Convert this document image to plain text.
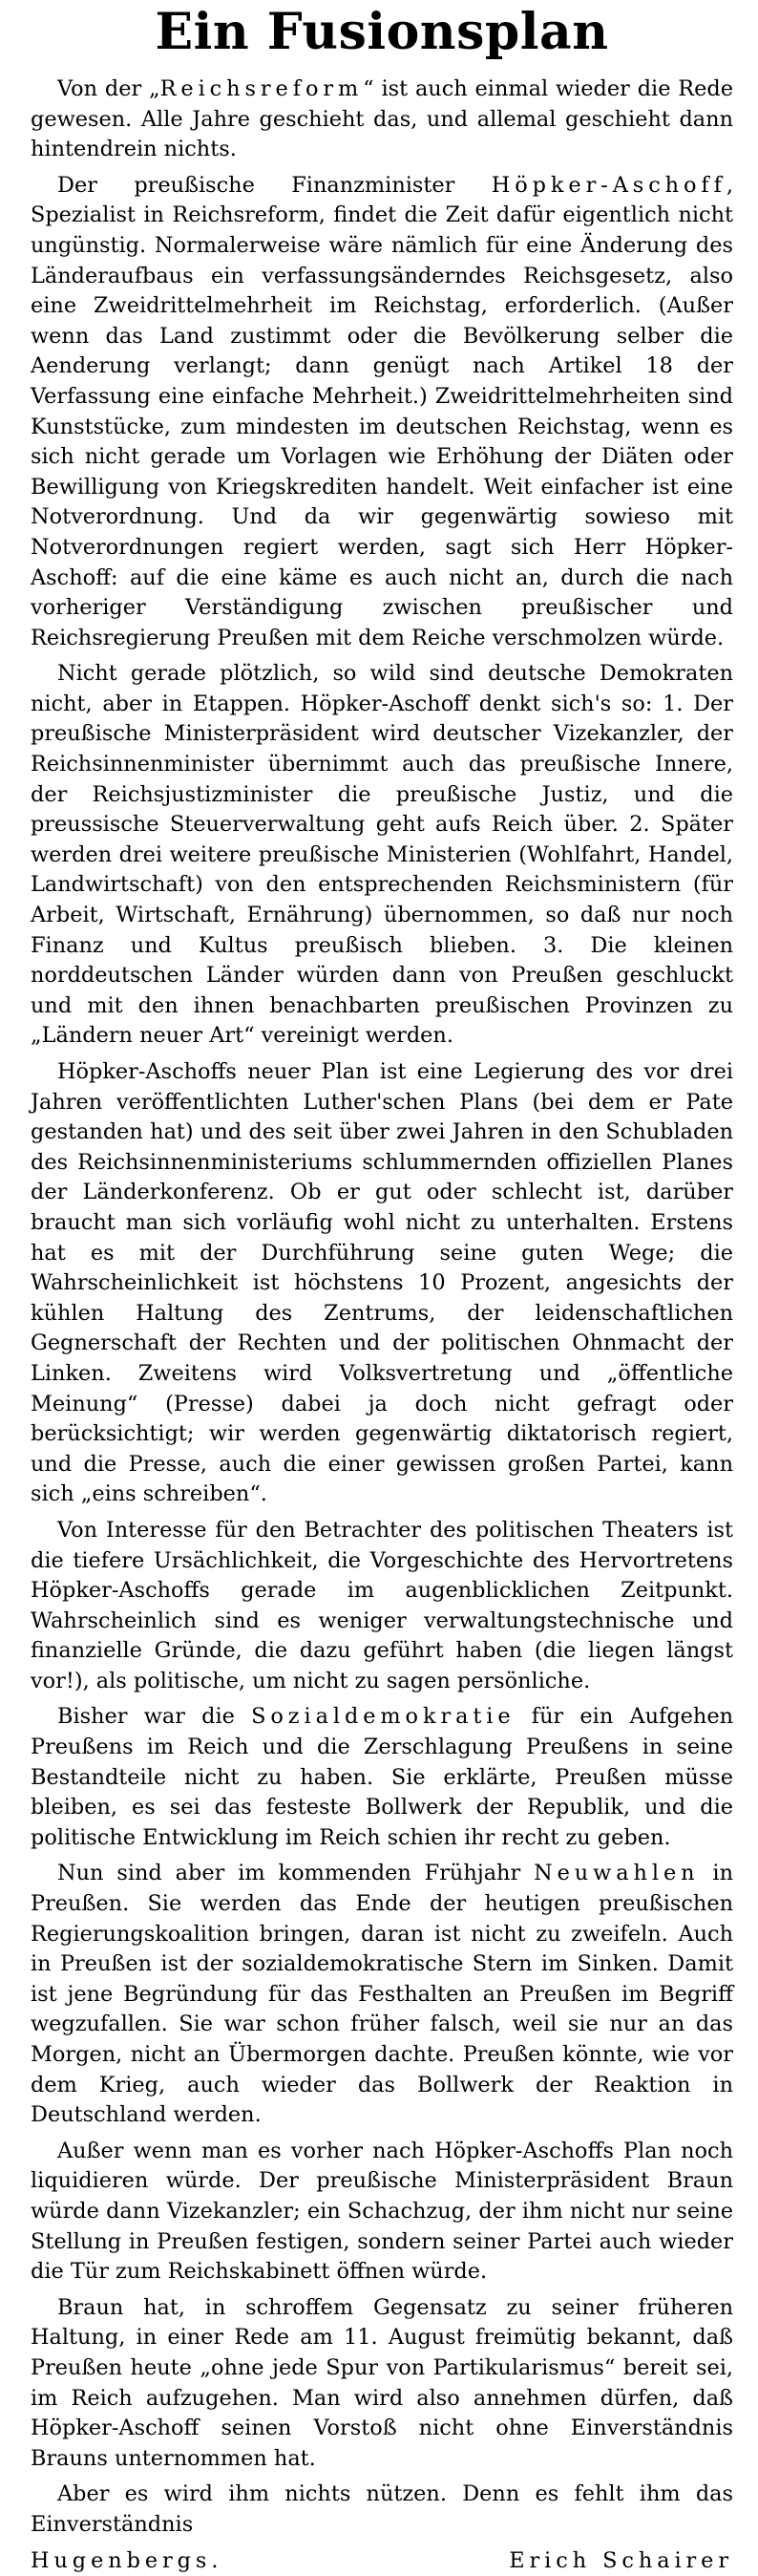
Ein Fusionsplan

Von der „Reichsreform“ ist auch einmal wieder die Rede gewesen. Alle Jahre geschieht das, und allemal geschieht dann hintendrein nichts.

Der preußische Finanzminister Höpker-Aschoff, Spezialist in Reichsreform, findet die Zeit dafür eigentlich nicht ungünstig. Normalerweise wäre nämlich für eine Änderung des Länderaufbaus ein verfassungsänderndes Reichsgesetz, also eine Zweidrittelmehrheit im Reichstag, erforderlich. (Außer wenn das Land zustimmt oder die Bevölkerung selber die Aenderung verlangt; dann genügt nach Artikel 18 der Verfassung eine einfache Mehrheit.) Zweidrittelmehrheiten sind Kunststücke, zum mindesten im deutschen Reichstag, wenn es sich nicht gerade um Vorlagen wie Erhöhung der Diäten oder Bewilligung von Kriegskrediten handelt. Weit einfacher ist eine Notverordnung. Und da wir gegenwärtig sowieso mit Notverordnungen regiert werden, sagt sich Herr Höpker-Aschoff: auf die eine käme es auch nicht an, durch die nach vorheriger Verständigung zwischen preußischer und Reichsregierung Preußen mit dem Reiche verschmolzen würde.

Nicht gerade plötzlich, so wild sind deutsche Demokraten nicht, aber in Etappen. Höpker-Aschoff denkt sich's so: 1. Der preußische Ministerpräsident wird deutscher Vizekanzler, der Reichsinnenminister übernimmt auch das preußische Innere, der Reichsjustizminister die preußische Justiz, und die preussische Steuerverwaltung geht aufs Reich über. 2. Später werden drei weitere preußische Ministerien (Wohlfahrt, Handel, Landwirtschaft) von den entsprechenden Reichsministern (für Arbeit, Wirtschaft, Ernährung) übernommen, so daß nur noch Finanz und Kultus preußisch blieben. 3. Die kleinen norddeutschen Länder würden dann von Preußen geschluckt und mit den ihnen benachbarten preußischen Provinzen zu „Ländern neuer Art“ vereinigt werden.

Höpker-Aschoffs neuer Plan ist eine Legierung des vor drei Jahren veröffentlichten Luther'schen Plans (bei dem er Pate gestanden hat) und des seit über zwei Jahren in den Schubladen des Reichsinnenministeriums schlummernden offiziellen Planes der Länderkonferenz. Ob er gut oder schlecht ist, darüber braucht man sich vorläufig wohl nicht zu unterhalten. Erstens hat es mit der Durchführung seine guten Wege; die Wahrscheinlichkeit ist höchstens 10 Prozent, angesichts der kühlen Haltung des Zentrums, der leidenschaftlichen Gegnerschaft der Rechten und der politischen Ohnmacht der Linken. Zweitens wird Volksvertretung und „öffentliche Meinung“ (Presse) dabei ja doch nicht gefragt oder berücksichtigt; wir werden gegenwärtig diktatorisch regiert, und die Presse, auch die einer gewissen großen Partei, kann sich „eins schreiben“.

Von Interesse für den Betrachter des politischen Theaters ist die tiefere Ursächlichkeit, die Vorgeschichte des Hervortretens Höpker-Aschoffs gerade im augenblicklichen Zeitpunkt. Wahrscheinlich sind es weniger verwaltungstechnische und finanzielle Gründe, die dazu geführt haben (die liegen längst vor!), als politische, um nicht zu sagen persönliche.

Bisher war die Sozialdemokratie für ein Aufgehen Preußens im Reich und die Zerschlagung Preußens in seine Bestandteile nicht zu haben. Sie erklärte, Preußen müsse bleiben, es sei das festeste Bollwerk der Republik, und die politische Entwicklung im Reich schien ihr recht zu geben.

Nun sind aber im kommenden Frühjahr Neuwahlen in Preußen. Sie werden das Ende der heutigen preußischen Regierungskoalition bringen, daran ist nicht zu zweifeln. Auch in Preußen ist der sozialdemokratische Stern im Sinken. Damit ist jene Begründung für das Festhalten an Preußen im Begriff wegzufallen. Sie war schon früher falsch, weil sie nur an das Morgen, nicht an Übermorgen dachte. Preußen könnte, wie vor dem Krieg, auch wieder das Bollwerk der Reaktion in Deutschland werden.

Außer wenn man es vorher nach Höpker-Aschoffs Plan noch liquidieren würde. Der preußische Ministerpräsident Braun würde dann Vizekanzler; ein Schachzug, der ihm nicht nur seine Stellung in Preußen festigen, sondern seiner Partei auch wieder die Tür zum Reichskabinett öffnen würde.

Braun hat, in schroffem Gegensatz zu seiner früheren Haltung, in einer Rede am 11. August freimütig bekannt, daß Preußen heute „ohne jede Spur von Partikularismus“ bereit sei, im Reich aufzugehen. Man wird also annehmen dürfen, daß Höpker-Aschoff seinen Vorstoß nicht ohne Einverständnis Brauns unternommen hat.

Aber es wird ihm nichts nützen. Denn es fehlt ihm das Einverständnis

Hugenbergs.	Erich Schairer
